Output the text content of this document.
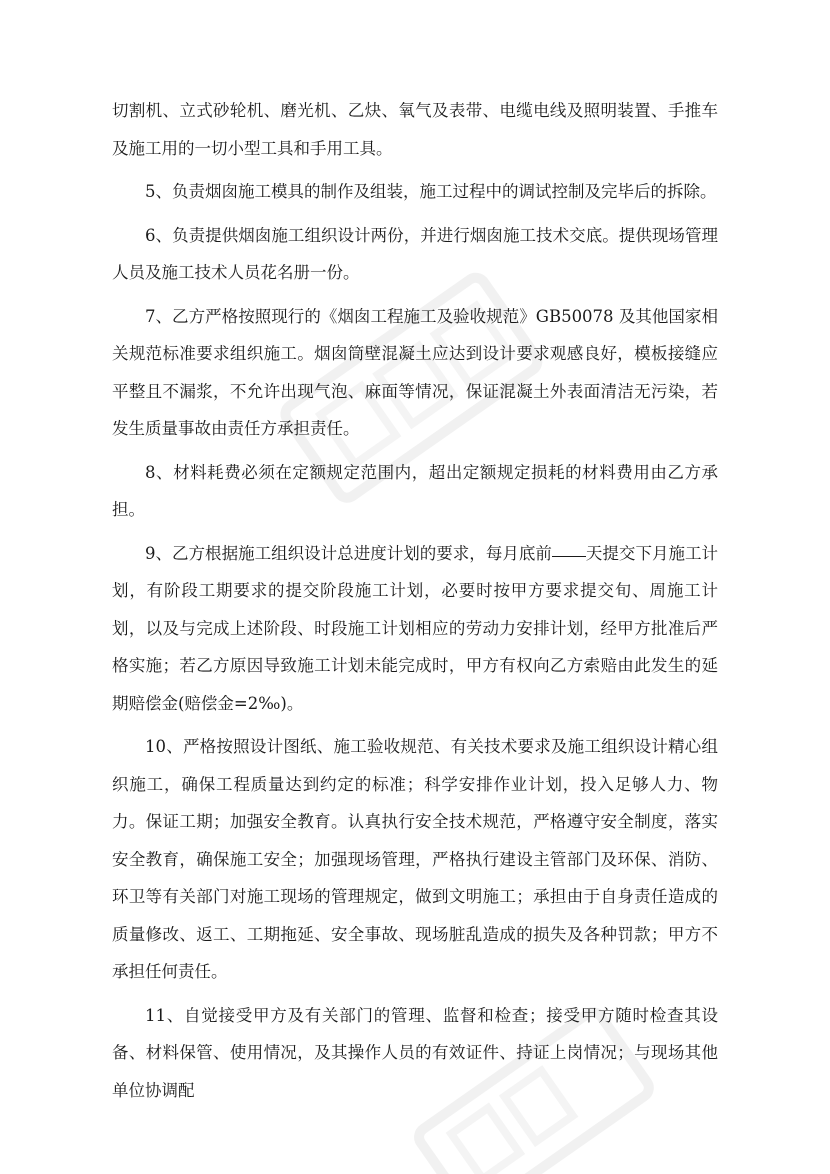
切割机、立式砂轮机、磨光机、乙炔、氧气及表带、电缆电线及照明装置、手推车及施工用的一切小型工具和手用工具。

5、负责烟囱施工模具的制作及组装，施工过程中的调试控制及完毕后的拆除。

6、负责提供烟囱施工组织设计两份，并进行烟囱施工技术交底。提供现场管理人员及施工技术人员花名册一份。

7、乙方严格按照现行的《烟囱工程施工及验收规范》GB50078 及其他国家相关规范标准要求组织施工。烟囱筒壁混凝土应达到设计要求观感良好，模板接缝应平整且不漏浆，不允许出现气泡、麻面等情况，保证混凝土外表面清洁无污染，若发生质量事故由责任方承担责任。

8、材料耗费必须在定额规定范围内，超出定额规定损耗的材料费用由乙方承担。

9、乙方根据施工组织设计总进度计划的要求，每月底前 天提交下月施工计划，有阶段工期要求的提交阶段施工计划，必要时按甲方要求提交旬、周施工计划，以及与完成上述阶段、时段施工计划相应的劳动力安排计划，经甲方批准后严格实施；若乙方原因导致施工计划未能完成时，甲方有权向乙方索赔由此发生的延期赔偿金(赔偿金=2‰)。

10、严格按照设计图纸、施工验收规范、有关技术要求及施工组织设计精心组织施工，确保工程质量达到约定的标准；科学安排作业计划，投入足够人力、物力。保证工期；加强安全教育。认真执行安全技术规范，严格遵守安全制度，落实安全教育，确保施工安全；加强现场管理，严格执行建设主管部门及环保、消防、环卫等有关部门对施工现场的管理规定，做到文明施工；承担由于自身责任造成的质量修改、返工、工期拖延、安全事故、现场脏乱造成的损失及各种罚款；甲方不承担任何责任。

11、自觉接受甲方及有关部门的管理、监督和检查；接受甲方随时检查其设备、材料保管、使用情况，及其操作人员的有效证件、持证上岗情况；与现场其他单位协调配
